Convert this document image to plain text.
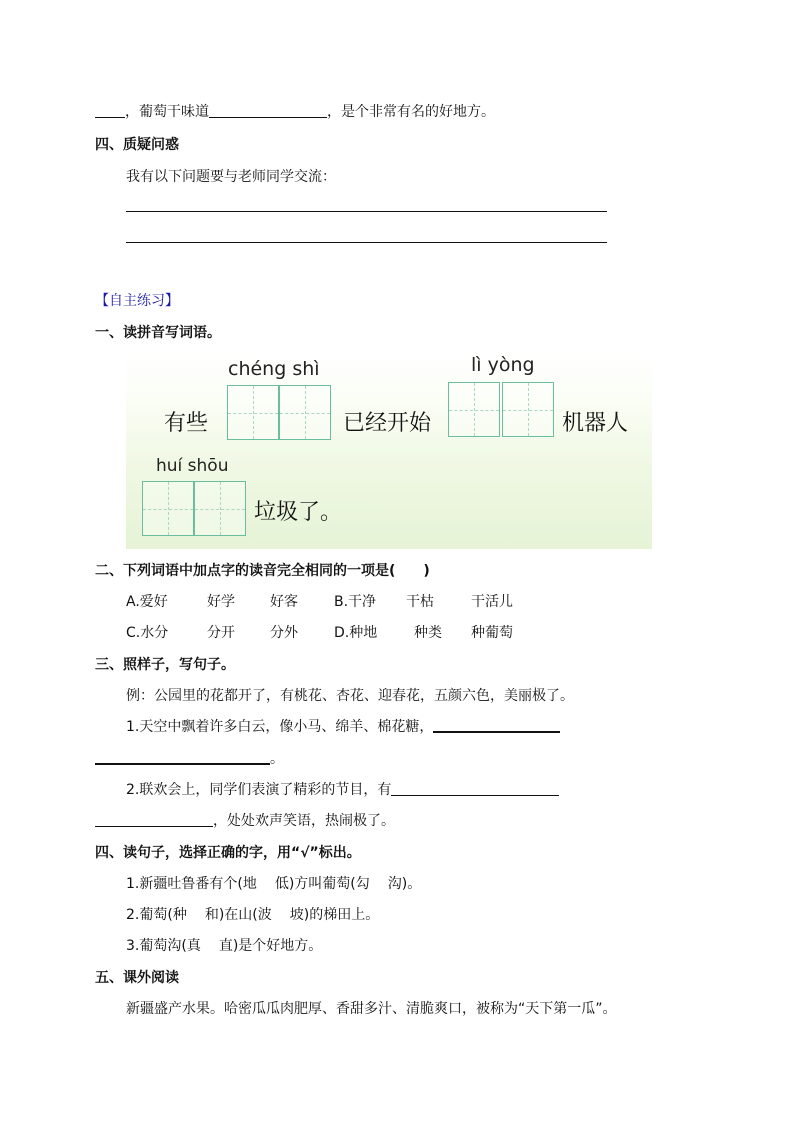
，葡萄干味道	，是个非常有名的好地方。
四、质疑问惑
我有以下问题要与老师同学交流：
【自主练习】
一、读拼音写词语。
chéng shì	lì yòng
有些	已经开始	机器人
huí shōu
垃圾了。
二、下列词语中加点字的读音完全相同的一项是(　　)
A.爱好	好学	好客	B.干净 干枯	干活儿
C.水分	分开	分外	D.种地	种类 种葡萄
三、照样子，写句子。
例：公园里的花都开了，有桃花、杏花、迎春花，五颜六色，美丽极了。
1.天空中飘着许多白云，像小马、绵羊、棉花糖，
。
2.联欢会上，同学们表演了精彩的节目，有
，处处欢声笑语，热闹极了。
四、读句子，选择正确的字，用“√”标出。
1.新疆吐鲁番有个(地 低)方叫葡萄(勾 沟)。
2.葡萄(种 和)在山(波 坡)的梯田上。
3.葡萄沟(真 直)是个好地方。
五、课外阅读
新疆盛产水果。哈密瓜瓜肉肥厚、香甜多汁、清脆爽口，被称为“天下第一瓜”。
